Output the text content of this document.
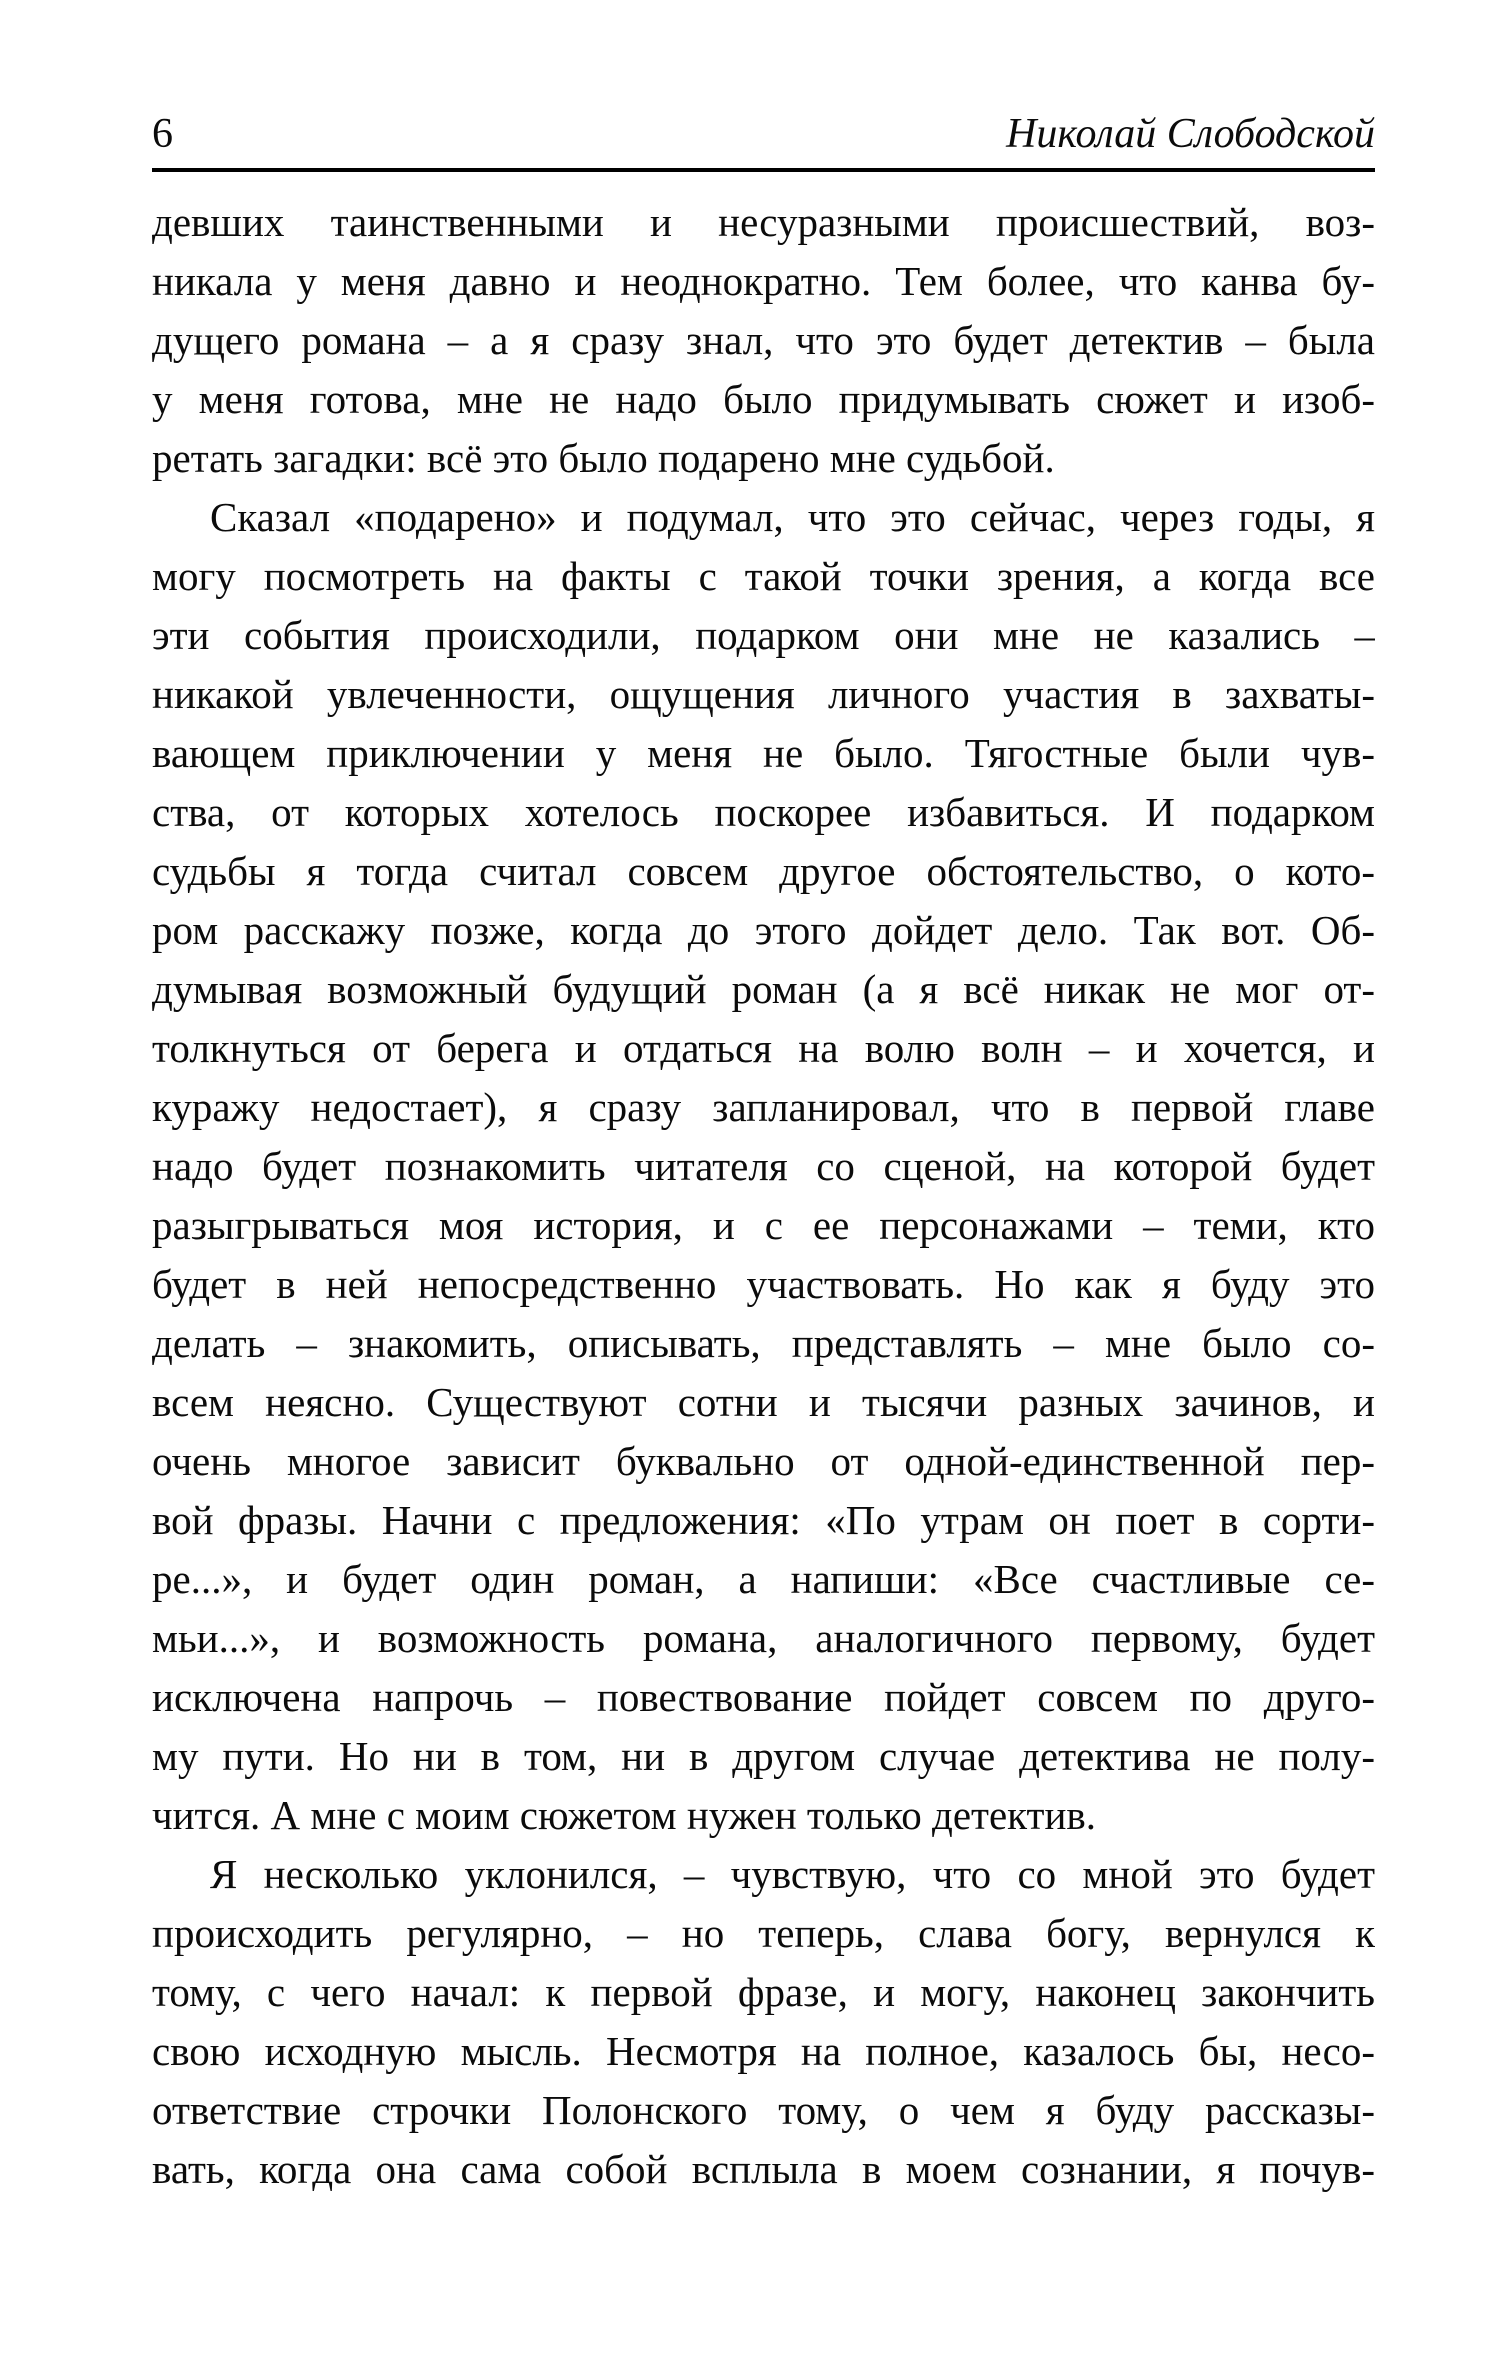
6	Николай Слободской
девших таинственными и несуразными происшествий, воз-
никала у меня давно и неоднократно. Тем более, что канва бу-
дущего романа – а я сразу знал, что это будет детектив – была
у меня готова, мне не надо было придумывать сюжет и изоб-
ретать загадки: всё это было подарено мне судьбой.
Сказал «подарено» и подумал, что это сейчас, через годы, я
могу посмотреть на факты с такой точки зрения, а когда все
эти события происходили, подарком они мне не казались –
никакой увлеченности, ощущения личного участия в захваты-
вающем приключении у меня не было. Тягостные были чув-
ства, от которых хотелось поскорее избавиться. И подарком
судьбы я тогда считал совсем другое обстоятельство, о кото-
ром расскажу позже, когда до этого дойдет дело. Так вот. Об-
думывая возможный будущий роман (а я всё никак не мог от-
толкнуться от берега и отдаться на волю волн – и хочется, и
куражу недостает), я сразу запланировал, что в первой главе
надо будет познакомить читателя со сценой, на которой будет
разыгрываться моя история, и с ее персонажами – теми, кто
будет в ней непосредственно участвовать. Но как я буду это
делать – знакомить, описывать, представлять – мне было со-
всем неясно. Существуют сотни и тысячи разных зачинов, и
очень многое зависит буквально от одной-единственной пер-
вой фразы. Начни с предложения: «По утрам он поет в сорти-
ре...», и будет один роман, а напиши: «Все счастливые се-
мьи...», и возможность романа, аналогичного первому, будет
исключена напрочь – повествование пойдет совсем по друго-
му пути. Но ни в том, ни в другом случае детектива не полу-
чится. А мне с моим сюжетом нужен только детектив.
Я несколько уклонился, – чувствую, что со мной это будет
происходить регулярно, – но теперь, слава богу, вернулся к
тому, с чего начал: к первой фразе, и могу, наконец закончить
свою исходную мысль. Несмотря на полное, казалось бы, несо-
ответствие строчки Полонского тому, о чем я буду рассказы-
вать, когда она сама собой всплыла в моем сознании, я почув-
